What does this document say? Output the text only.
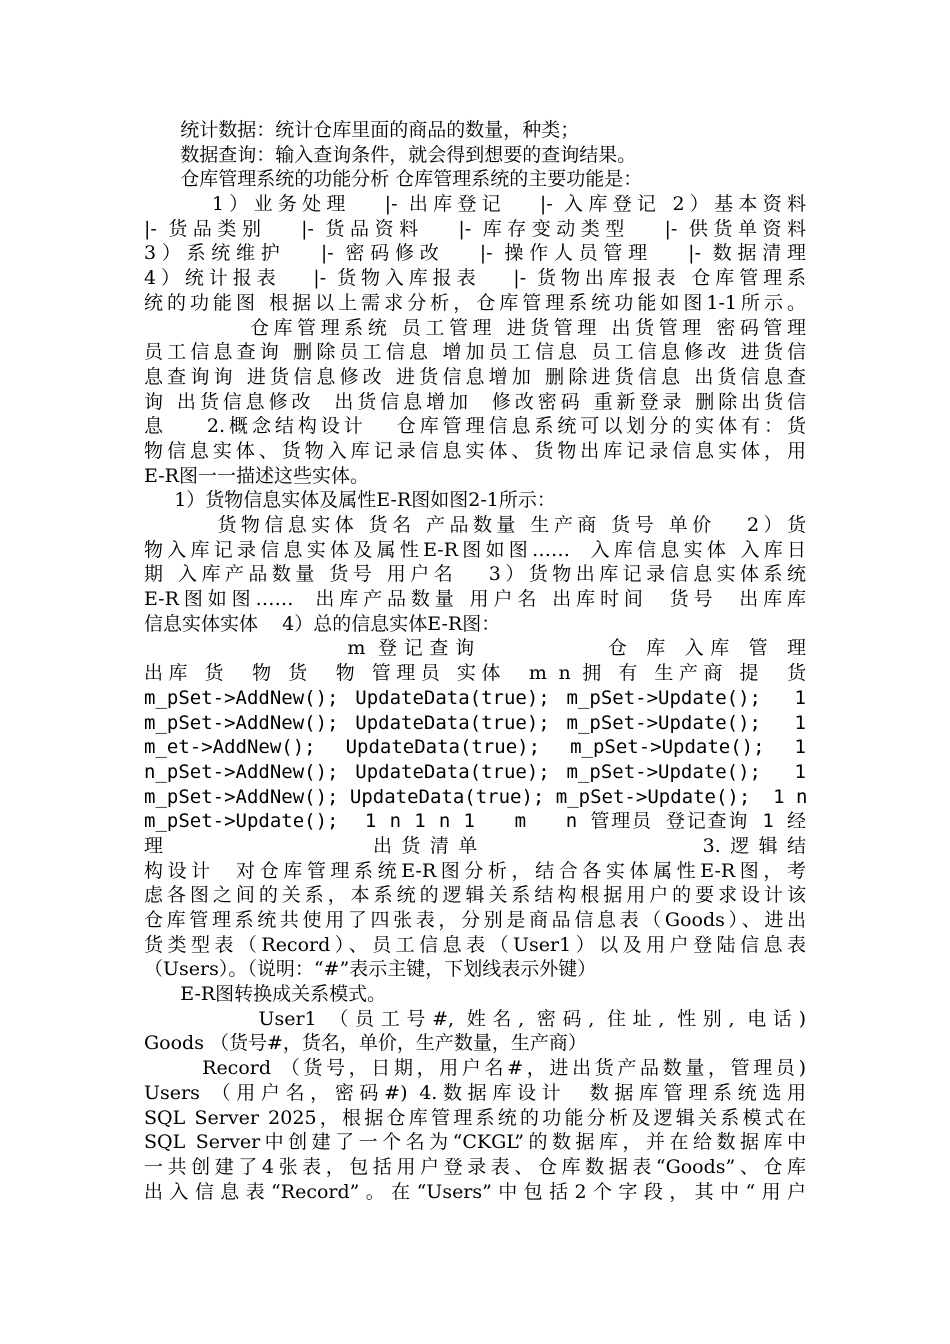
统计数据：统计仓库里面的商品的数量，种类；
数据查询：输入查询条件，就会得到想要的查询结果。
仓库管理系统的功能分析 仓库管理系统的主要功能是：
1）业务处理   |- 出库登记   |- 入库登记 2）基本资料
|- 货品类别   |- 货品资料   |- 库存变动类型   |- 供货单资料
3）系统维护   |- 密码修改   |- 操作人员管理   |- 数据清理
4）统计报表   |- 货物入库报表   |- 货物出库报表 仓库管理系
统的功能图 根据以上需求分析，仓库管理系统功能如图1-1所示。
仓库管理系统 员工管理 进货管理 出货管理 密码管理
员工信息查询 删除员工信息 增加员工信息 员工信息修改 进货信
息查询询 进货信息修改 进货信息增加 删除进货信息 出货信息查
询 出货信息修改  出货信息增加  修改密码 重新登录 删除出货信
息    2.概念结构设计   仓库管理信息系统可以划分的实体有：货
物信息实体、货物入库记录信息实体、货物出库记录信息实体，用
E-R图一一描述这些实体。
1）货物信息实体及属性E-R图如图2-1所示：
货物信息实体 货名 产品数量 生产商 货号 单价   2）货
物入库记录信息实体及属性E-R图如图……  入库信息实体 入库日
期 入库产品数量 货号 用户名   3）货物出库记录信息实体系统
E-R图如图……  出库产品数量 用户名 出库时间  货号  出库库
信息实体实体    4）总的信息实体E-R图：
m 登记查询          仓 库 入库 管 理
出库 货  物 货  物 管理员 实体  m n 拥 有 生产商 提  货
m_pSet->AddNew(); UpdateData(true); m_pSet->Update();  1
m_pSet->AddNew(); UpdateData(true); m_pSet->Update();  1
m_et->AddNew();  UpdateData(true);  m_pSet->Update();  1
n_pSet->AddNew(); UpdateData(true); m_pSet->Update();  1
m_pSet->AddNew(); UpdateData(true); m_pSet->Update();  1 n
m_pSet->Update();  1 n 1 n 1   m   n 管理员 登记查询 1 经
理             出货清单              3.逻辑结
构设计  对仓库管理系统E-R图分析，结合各实体属性E-R图，考
虑各图之间的关系，本系统的逻辑关系结构根据用户的要求设计该
仓库管理系统共使用了四张表，分别是商品信息表（Goods）、进出
货类型表（Record）、员工信息表（User1）以及用户登陆信息表
（Users）。（说明：“#”表示主键，下划线表示外键）
E-R图转换成关系模式。
User1 （员工号#, 姓名, 密码, 住址, 性别, 电话)
Goods （货号#，货名，单价，生产数量，生产商）
Record （货号，日期，用户名#，进出货产品数量，管理员)
Users （用户名，密码#) 4.数据库设计  数据库管理系统选用
SQL Server 2025，根据仓库管理系统的功能分析及逻辑关系模式在
SQL Server中创建了一个名为“CKGL”的数据库，并在给数据库中
一共创建了4张表，包括用户登录表、仓库数据表“Goods”、仓库
出入信息表“Record”。在“Users”中包括2个字段，其中“用户
